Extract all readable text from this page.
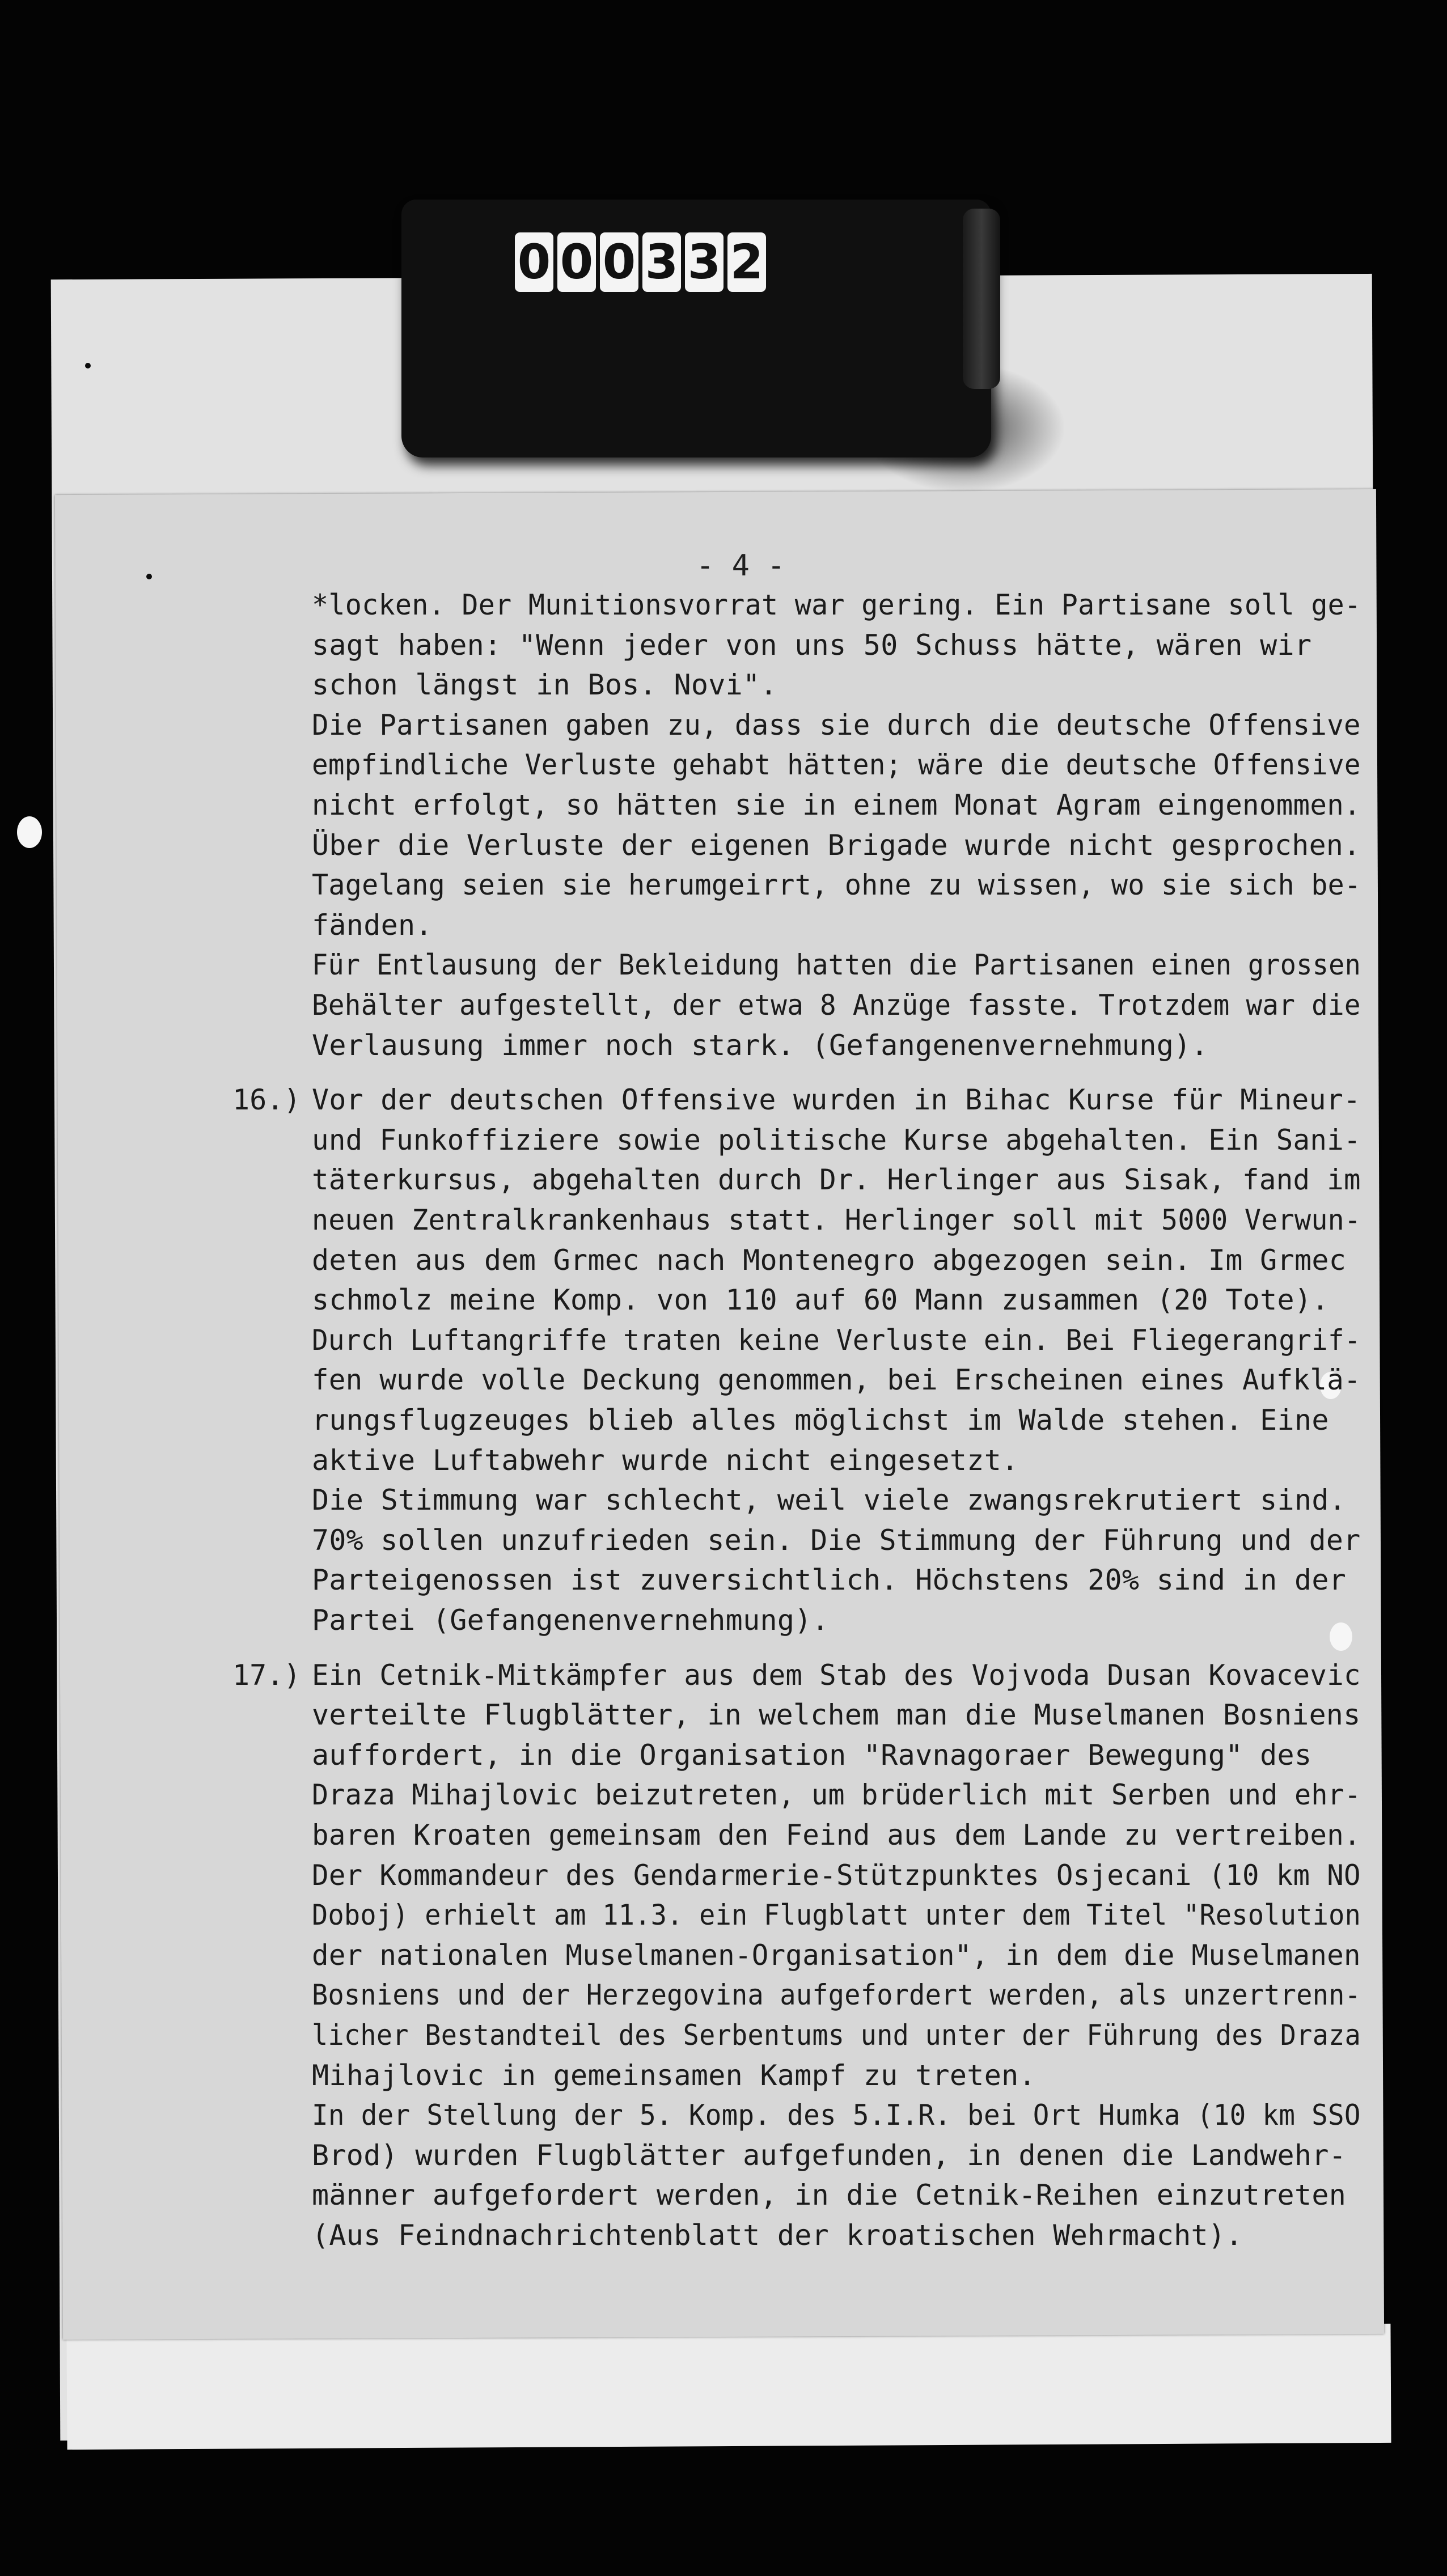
0 0 0 3 3 2
- 4 -
*locken. Der Munitionsvorrat war gering. Ein Partisane soll ge-
sagt haben: "Wenn jeder von uns 50 Schuss hätte, wären wir
schon längst in Bos. Novi".
Die Partisanen gaben zu, dass sie durch die deutsche Offensive
empfindliche Verluste gehabt hätten; wäre die deutsche Offensive
nicht erfolgt, so hätten sie in einem Monat Agram eingenommen.
Über die Verluste der eigenen Brigade wurde nicht gesprochen.
Tagelang seien sie herumgeirrt, ohne zu wissen, wo sie sich be-
fänden.
Für Entlausung der Bekleidung hatten die Partisanen einen grossen
Behälter aufgestellt, der etwa 8 Anzüge fasste. Trotzdem war die
Verlausung immer noch stark. (Gefangenenvernehmung).
16.) Vor der deutschen Offensive wurden in Bihac Kurse für Mineur-
und Funkoffiziere sowie politische Kurse abgehalten. Ein Sani-
täterkursus, abgehalten durch Dr. Herlinger aus Sisak, fand im
neuen Zentralkrankenhaus statt. Herlinger soll mit 5000 Verwun-
deten aus dem Grmec nach Montenegro abgezogen sein. Im Grmec
schmolz meine Komp. von 110 auf 60 Mann zusammen (20 Tote).
Durch Luftangriffe traten keine Verluste ein. Bei Fliegerangrif-
fen wurde volle Deckung genommen, bei Erscheinen eines Aufklä-
rungsflugzeuges blieb alles möglichst im Walde stehen. Eine
aktive Luftabwehr wurde nicht eingesetzt.
Die Stimmung war schlecht, weil viele zwangsrekrutiert sind.
70% sollen unzufrieden sein. Die Stimmung der Führung und der
Parteigenossen ist zuversichtlich. Höchstens 20% sind in der
Partei (Gefangenenvernehmung).
17.) Ein Cetnik-Mitkämpfer aus dem Stab des Vojvoda Dusan Kovacevic
verteilte Flugblätter, in welchem man die Muselmanen Bosniens
auffordert, in die Organisation "Ravnagoraer Bewegung" des
Draza Mihajlovic beizutreten, um brüderlich mit Serben und ehr-
baren Kroaten gemeinsam den Feind aus dem Lande zu vertreiben.
Der Kommandeur des Gendarmerie-Stützpunktes Osjecani (10 km NO
Doboj) erhielt am 11.3. ein Flugblatt unter dem Titel "Resolution
der nationalen Muselmanen-Organisation", in dem die Muselmanen
Bosniens und der Herzegovina aufgefordert werden, als unzertrenn-
licher Bestandteil des Serbentums und unter der Führung des Draza
Mihajlovic in gemeinsamen Kampf zu treten.
In der Stellung der 5. Komp. des 5.I.R. bei Ort Humka (10 km SSO
Brod) wurden Flugblätter aufgefunden, in denen die Landwehr-
männer aufgefordert werden, in die Cetnik-Reihen einzutreten
(Aus Feindnachrichtenblatt der kroatischen Wehrmacht).
